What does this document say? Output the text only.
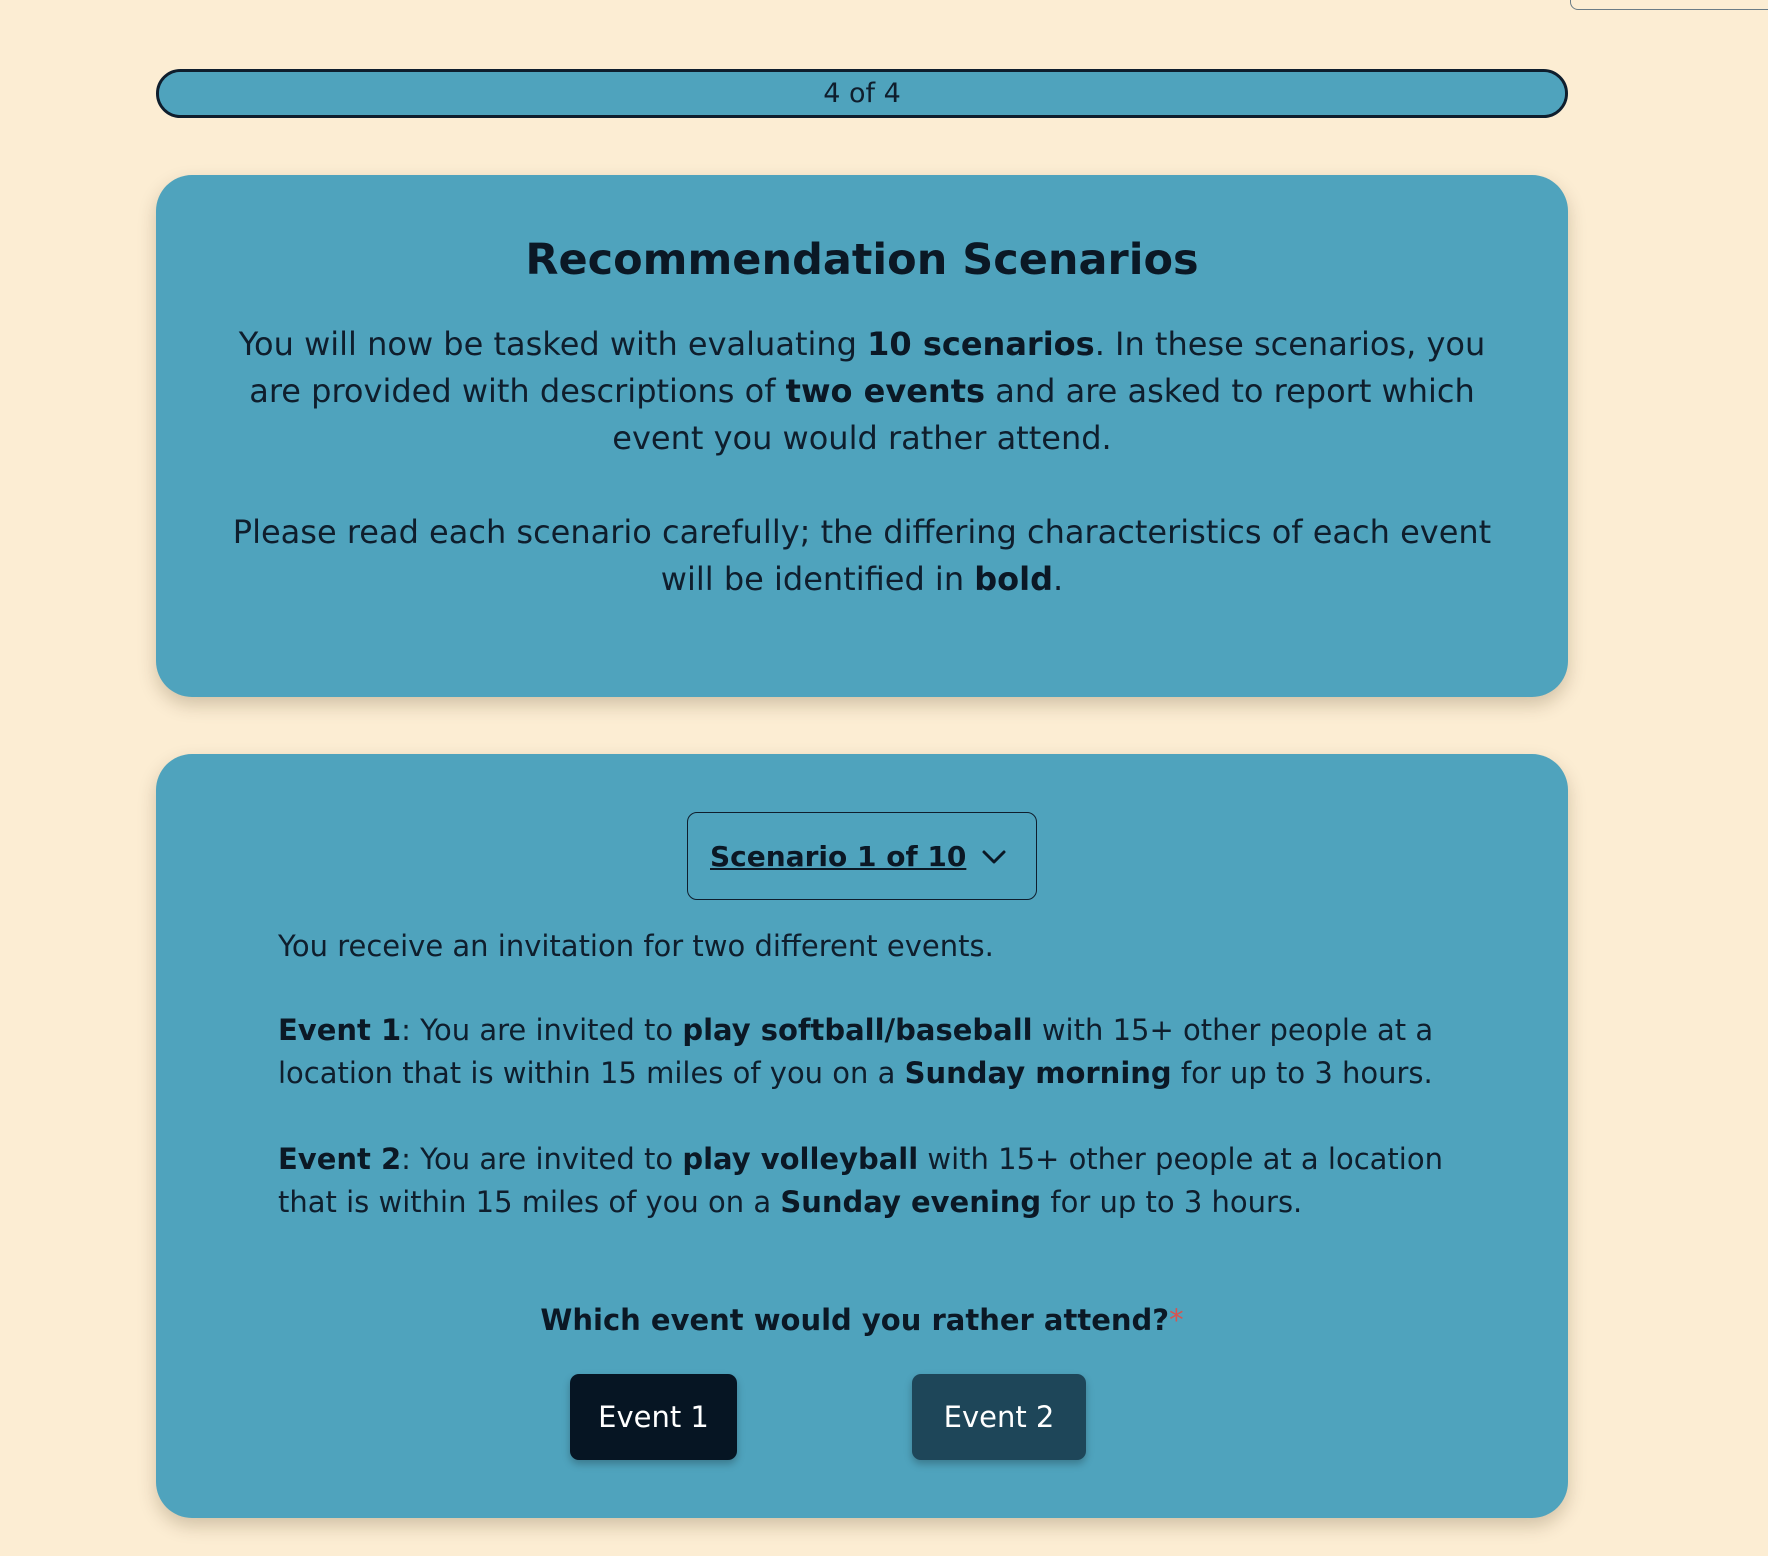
4 of 4
Recommendation Scenarios

You will now be tasked with evaluating 10 scenarios. In these scenarios, you are provided with descriptions of two events and are asked to report which event you would rather attend.

Please read each scenario carefully; the differing characteristics of each event will be identified in bold.

Scenario 1 of 10

You receive an invitation for two different events.

Event 1: You are invited to play softball/baseball with 15+ other people at a location that is within 15 miles of you on a Sunday morning for up to 3 hours.

Event 2: You are invited to play volleyball with 15+ other people at a location that is within 15 miles of you on a Sunday evening for up to 3 hours.

Which event would you rather attend?*
Event 1	Event 2
